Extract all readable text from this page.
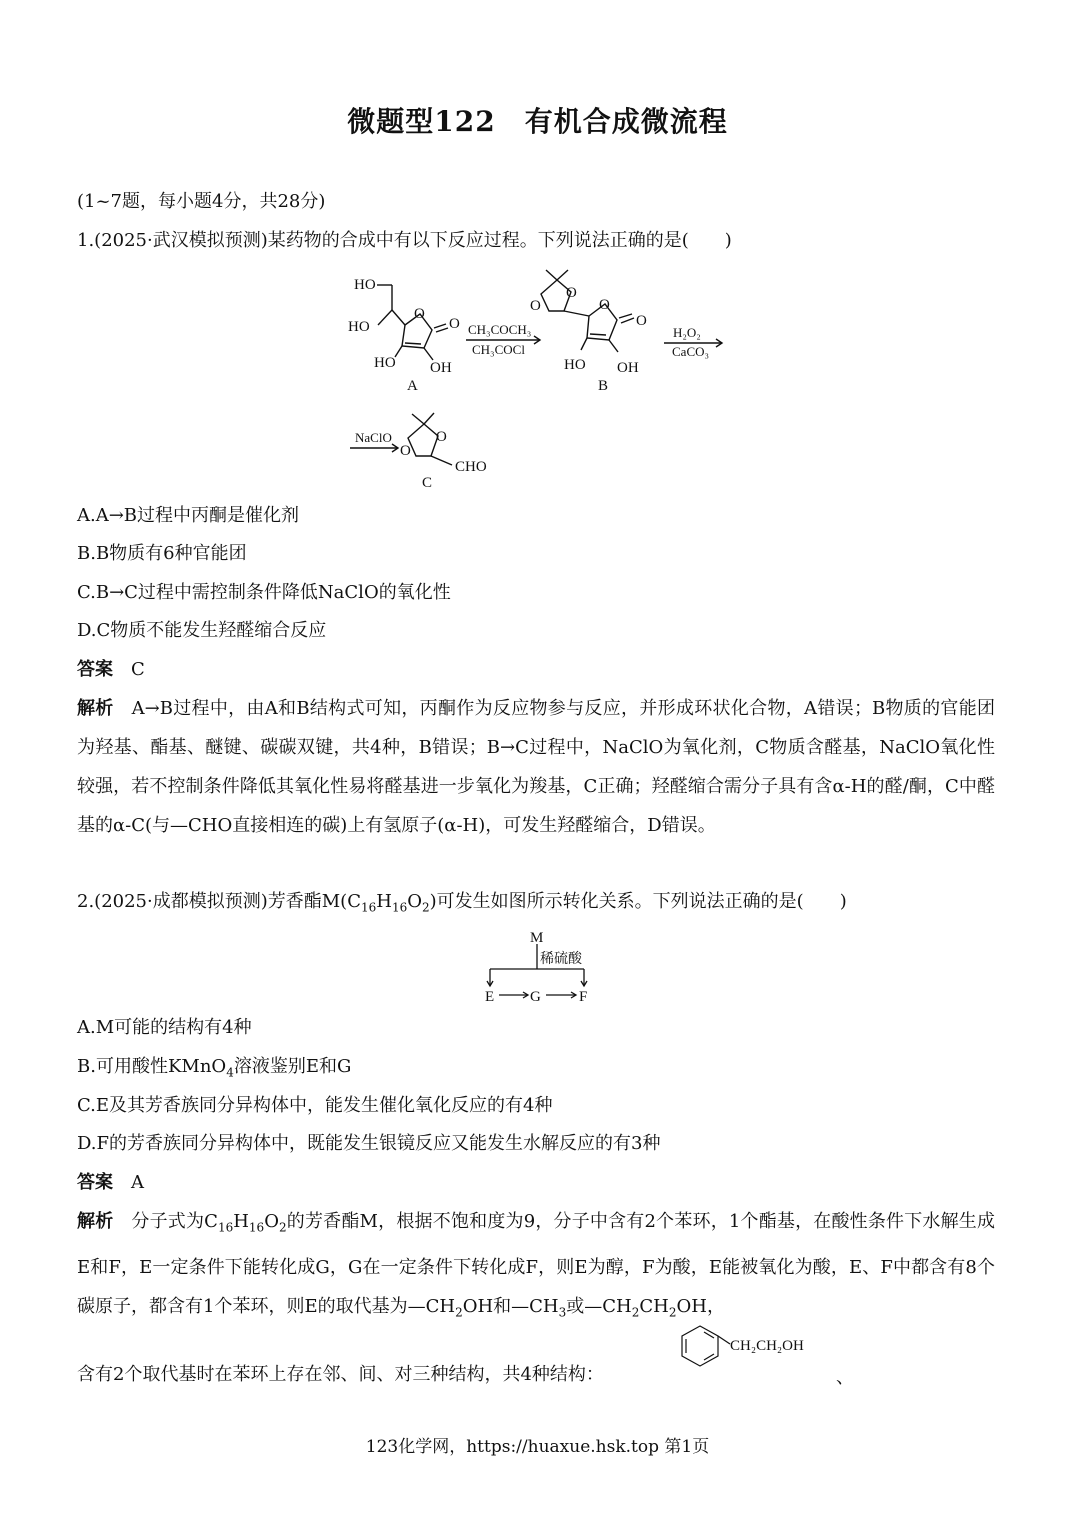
微题型122　有机合成微流程
(1~7题，每小题4分，共28分)
1.(2025·武汉模拟预测)某药物的合成中有以下反应过程。下列说法正确的是(　　)
HO
HO
O
O
HO OH
A
CH₃COCH₃
CH₃COCl
O
O	O
O
HO OH
B
H₂O₂
CaCO₃
NaClO	O
O
CHO
C
A.A→B过程中丙酮是催化剂
B.B物质有6种官能团
C.B→C过程中需控制条件降低NaClO的氧化性
D.C物质不能发生羟醛缩合反应
答案 C
解析 A→B过程中，由A和B结构式可知，丙酮作为反应物参与反应，并形成环状化合物，A错误；B物质的官能团为羟基、酯基、醚键、碳碳双键，共4种，B错误；B→C过程中，NaClO为氧化剂，C物质含醛基，NaClO氧化性较强，若不控制条件降低其氧化性易将醛基进一步氧化为羧基，C正确；羟醛缩合需分子具有含α-H的醛/酮，C中醛基的α-C(与—CHO直接相连的碳)上有氢原子(α-H)，可发生羟醛缩合，D错误。
2.(2025·成都模拟预测)芳香酯$M(C_{16}H_{16}O_2)$可发生如图所示转化关系。下列说法正确的是(　　)
M
稀硫酸
E G	F
A.M可能的结构有4种
B.可用酸性KMnO$_4$溶液鉴别E和G
C.E及其芳香族同分异构体中，能发生催化氧化反应的有4种
D.F的芳香族同分异构体中，既能发生银镜反应又能发生水解反应的有3种
答案 A
解析 分子式为$C_{16}H_{16}O_2$的芳香酯M，根据不饱和度为9，分子中含有2个苯环，1个酯基，在酸性条件下水解生成E和F，E一定条件下能转化成G，G在一定条件下转化成F，则E为醇，F为酸，E能被氧化为酸，E、F中都含有8个碳原子，都含有1个苯环，则E的取代基为$—CH_2OH$和$—CH_3$或$—CH_2CH_2OH$，
含有2个取代基时在苯环上存在邻、间、对三种结构，共4种结构：
CH₂CH₂OH
、
123化学网，https://huaxue.hsk.top 第1页
